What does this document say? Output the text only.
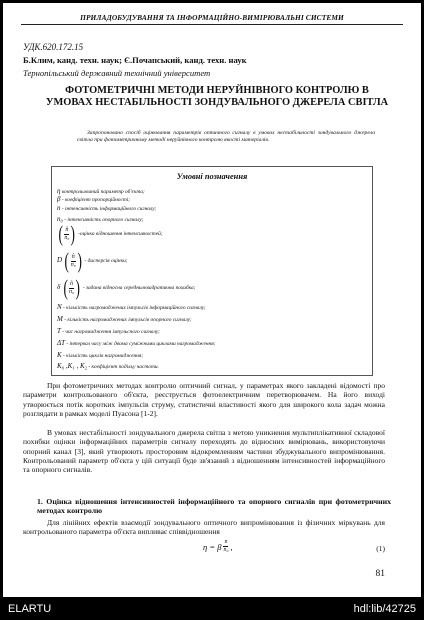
ПРИЛАДОБУДУВАННЯ ТА ІНФОРМАЦІЙНО-ВИМІРЮВАЛЬНІ СИСТЕМИ
УДК.620.172.15
Б.Клим, канд. техн. наук; Є.Почапський, канд. техн. наук
Тернопільський державний технічний університет
ФОТОМЕТРИЧНІ МЕТОДИ НЕРУЙНІВНОГО КОНТРОЛЮ В УМОВАХ НЕСТАБІЛЬНОСТІ ЗОНДУВАЛЬНОГО ДЖЕРЕЛА СВІТЛА
Запропоновано спосіб оцінювання параметрів оптичного сигналу в умовах нестабільності зондувального джерела світла при фотометричному методі неруйнівного контролю якості матеріалів.
Умовні позначення
η контрольований параметр об'єкта;
β - коефіцієнт пропорційності;
n - інтенсивність інформаційного сигналу;
n₀ - інтенсивність опорного сигналу;
( n̂
n₀ ) -оцінка відношення інтенсивностей;
D ( n̂
n₀ ) - дисперсія оцінки;
δ ( n̂
n₀ ) - задана відносна середньоквадратична похибка;
N - кількість нагромаджених імпульсів інформаційного сигналу;
M - кількість нагромаджених імпульсів опорного сигналу;
T - час нагромадження імпульсного сигналу;
ΔT - інтервал часу між двома суміжними циклами нагромадження;
K - кількість циклів нагромадження;
K₀ ,K₁ , K₂ - коефіцієнт подільу частоти.
При фотометричних методах контролю оптичний сигнал, у параметрах якого закладені відомості про параметри контрольованого об'єкта, реєструється фотоелектричним перетворювачем. На його виході утворюється потік коротких імпульсів струму, статистичні властивості якого для широкого кола задач можна розглядати в рамках моделі Пуасона [1-2].
В умовах нестабільності зондувального джерела світла з метою уникнення мультиплікативної складової похибки оцінки інформаційних параметрів сигналу переходять до відносних вимірювань, використовуючи опорний канал [3], який утворюють просторовим відокремленням частини збуджувального випромінювання. Контрольований параметр об'єкта у цій ситуації буде зв'язаний з відношенням інтенсивностей інформаційного та опорного сигналів.
1. Оцінка відношення інтенсивностей інформаційного та опорного сигналів при фотометричних методах контролю
Для лінійних ефектів взаємодії зондувального оптичного випромінювання із фізичних міркувань для контрольованого параметра об'єкта випливає співвідношення
η = β n
n₀ ,	(1)
81
ELARTU	hdl:lib/42725
